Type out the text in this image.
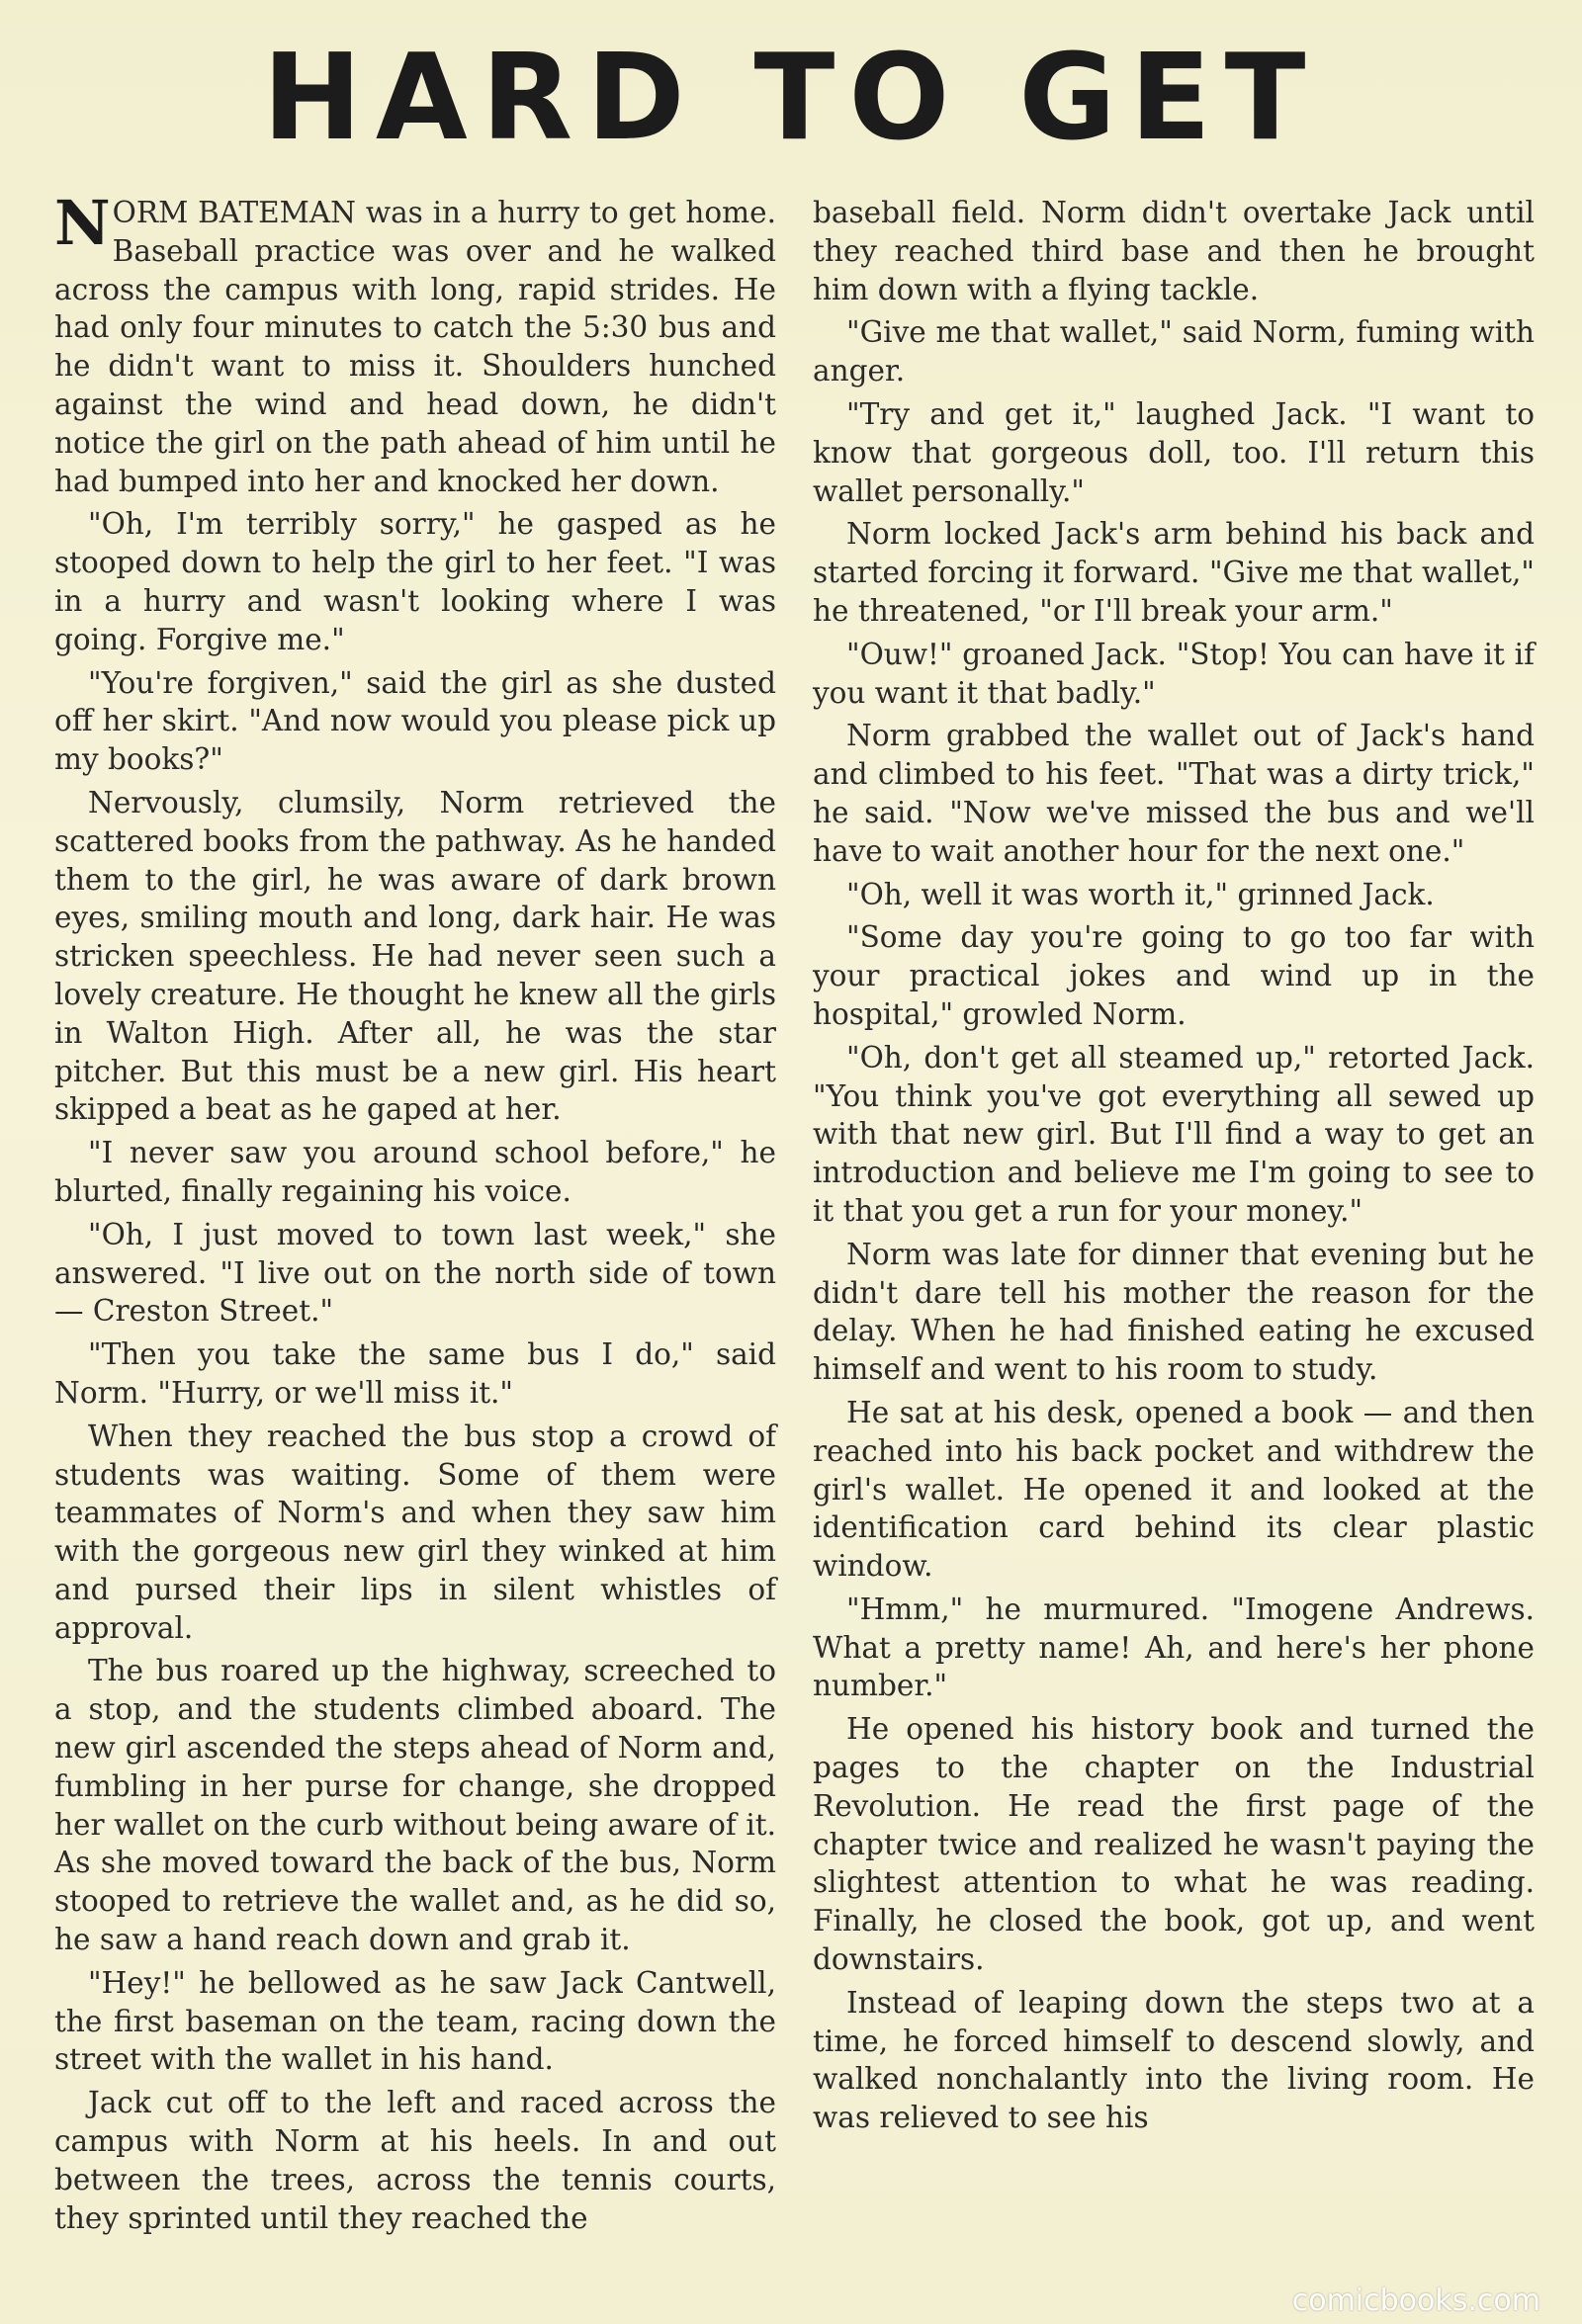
HARD TO GET

NORM BATEMAN was in a hurry to get home. Baseball practice was over and he walked across the campus with long, rapid strides. He had only four minutes to catch the 5:30 bus and he didn't want to miss it. Shoulders hunched against the wind and head down, he didn't notice the girl on the path ahead of him until he had bumped into her and knocked her down.

"Oh, I'm terribly sorry," he gasped as he stooped down to help the girl to her feet. "I was in a hurry and wasn't looking where I was going. Forgive me."

"You're forgiven," said the girl as she dusted off her skirt. "And now would you please pick up my books?"

Nervously, clumsily, Norm retrieved the scattered books from the pathway. As he handed them to the girl, he was aware of dark brown eyes, smiling mouth and long, dark hair. He was stricken speechless. He had never seen such a lovely creature. He thought he knew all the girls in Walton High. After all, he was the star pitcher. But this must be a new girl. His heart skipped a beat as he gaped at her.

"I never saw you around school before," he blurted, finally regaining his voice.

"Oh, I just moved to town last week," she answered. "I live out on the north side of town — Creston Street."

"Then you take the same bus I do," said Norm. "Hurry, or we'll miss it."

When they reached the bus stop a crowd of students was waiting. Some of them were teammates of Norm's and when they saw him with the gorgeous new girl they winked at him and pursed their lips in silent whistles of approval.

The bus roared up the highway, screeched to a stop, and the students climbed aboard. The new girl ascended the steps ahead of Norm and, fumbling in her purse for change, she dropped her wallet on the curb without being aware of it. As she moved toward the back of the bus, Norm stooped to retrieve the wallet and, as he did so, he saw a hand reach down and grab it.

"Hey!" he bellowed as he saw Jack Cantwell, the first baseman on the team, racing down the street with the wallet in his hand.

Jack cut off to the left and raced across the campus with Norm at his heels. In and out between the trees, across the tennis courts, they sprinted until they reached the

baseball field. Norm didn't overtake Jack until they reached third base and then he brought him down with a flying tackle.

"Give me that wallet," said Norm, fuming with anger.

"Try and get it," laughed Jack. "I want to know that gorgeous doll, too. I'll return this wallet personally."

Norm locked Jack's arm behind his back and started forcing it forward. "Give me that wallet," he threatened, "or I'll break your arm."

"Ouw!" groaned Jack. "Stop! You can have it if you want it that badly."

Norm grabbed the wallet out of Jack's hand and climbed to his feet. "That was a dirty trick," he said. "Now we've missed the bus and we'll have to wait another hour for the next one."

"Oh, well it was worth it," grinned Jack.

"Some day you're going to go too far with your practical jokes and wind up in the hospital," growled Norm.

"Oh, don't get all steamed up," retorted Jack. "You think you've got everything all sewed up with that new girl. But I'll find a way to get an introduction and believe me I'm going to see to it that you get a run for your money."

Norm was late for dinner that evening but he didn't dare tell his mother the reason for the delay. When he had finished eating he excused himself and went to his room to study.

He sat at his desk, opened a book — and then reached into his back pocket and withdrew the girl's wallet. He opened it and looked at the identification card behind its clear plastic window.

"Hmm," he murmured. "Imogene Andrews. What a pretty name! Ah, and here's her phone number."

He opened his history book and turned the pages to the chapter on the Industrial Revolution. He read the first page of the chapter twice and realized he wasn't paying the slightest attention to what he was reading. Finally, he closed the book, got up, and went downstairs.

Instead of leaping down the steps two at a time, he forced himself to descend slowly, and walked nonchalantly into the living room. He was relieved to see his

comicbooks.com
